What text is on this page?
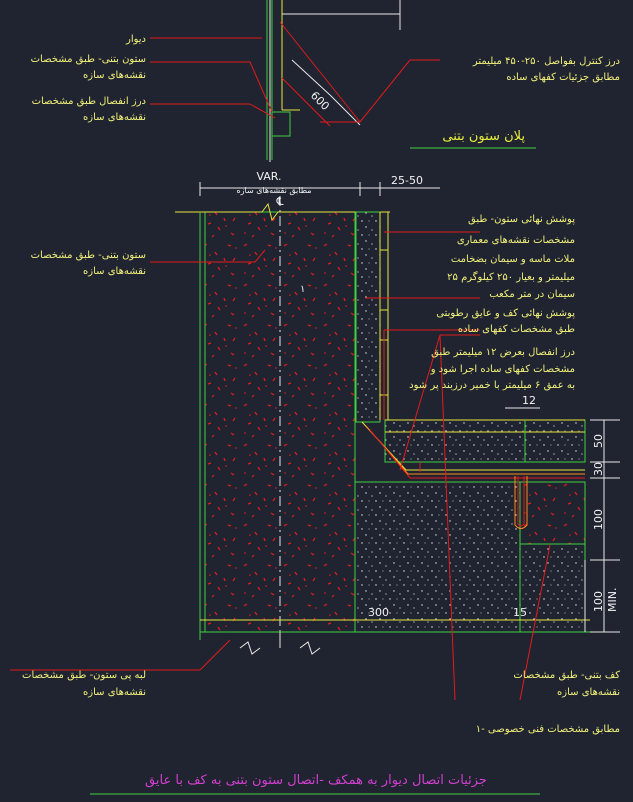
600
پلان ستون بتنی
دیوار
ستون بتنی- طبق مشخصات
نقشه‌های سازه
درز انفصال طبق مشخصات
نقشه‌های سازه
درز کنترل بفواصل ۲۵۰-۴۵۰ میلیمتر
مطابق جزئیات کفهای ساده
VAR.
مطابق نقشه‌های سازه
℄
25-50
50
30
100
100 MIN.
300	15
12
۱
ستون بتنی- طبق مشخصات
نقشه‌های سازه
پوشش نهائی ستون- طبق
مشخصات نقشه‌های معماری
ملات ماسه و سیمان بضخامت
۲۵ میلیمتر و بعیار ۲۵۰ کیلوگرم
سیمان در متر مکعب
پوشش نهائی کف و عایق رطوبتی
طبق مشخصات کفهای ساده
درز انفصال بعرض ۱۲ میلیمتر طبق
مشخصات کفهای ساده اجرا شود و
به عمق ۶ میلیمتر با خمیر درزبند پر شود
لبه پی ستون- طبق مشخصات
نقشه‌های سازه
کف بتنی- طبق مشخصات
نقشه‌های سازه
۱- مطابق مشخصات فنی خصوصی
جزئیات اتصال دیوار به همکف -اتصال ستون بتنی به کف با عایق
